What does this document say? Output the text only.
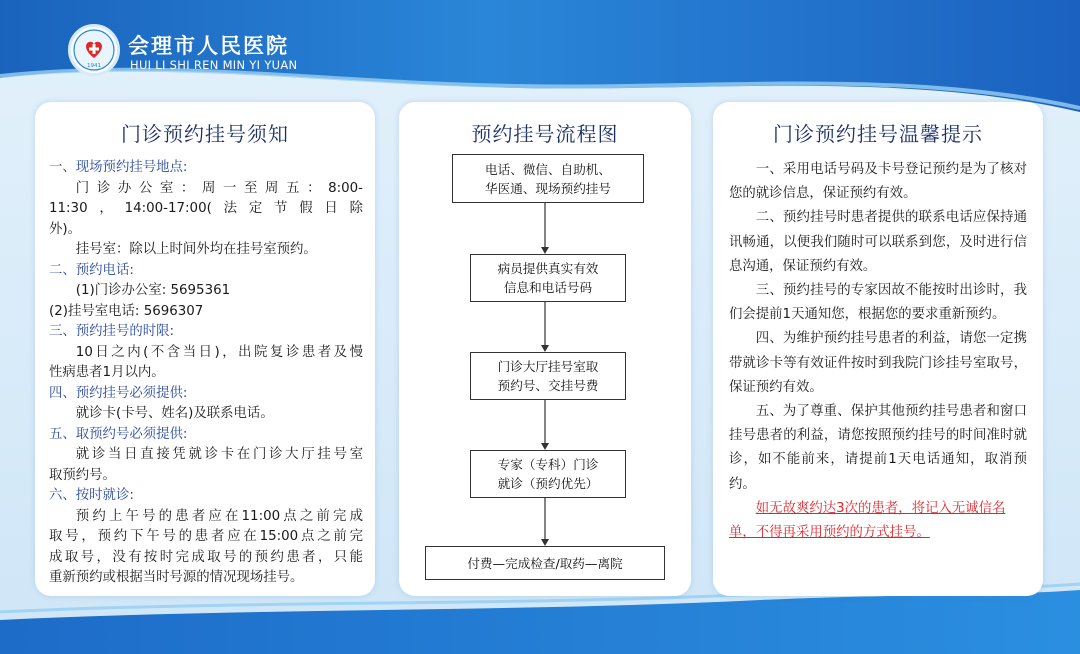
1941
会理市人民医院
HUI LI SHI REN MIN YI YUAN
门诊预约挂号须知
一、现场预约挂号地点:
门诊办公室：周一至周五：8:00-
11:30，14:00-17:00(法定节假日除
外)。
挂号室：除以上时间外均在挂号室预约。
二、预约电话:
(1)门诊办公室: 5695361
(2)挂号室电话: 5696307
三、预约挂号的时限:
10日之内(不含当日)，出院复诊患者及慢
性病患者1月以内。
四、预约挂号必须提供:
就诊卡(卡号、姓名)及联系电话。
五、取预约号必须提供:
就诊当日直接凭就诊卡在门诊大厅挂号室
取预约号。
六、按时就诊:
预约上午号的患者应在11:00点之前完成
取号，预约下午号的患者应在15:00点之前完
成取号，没有按时完成取号的预约患者，只能
重新预约或根据当时号源的情况现场挂号。
预约挂号流程图
电话、微信、自助机、
华医通、现场预约挂号
病员提供真实有效
信息和电话号码
门诊大厅挂号室取
预约号、交挂号费
专家（专科）门诊
就诊（预约优先）
付费—完成检查/取药—离院
门诊预约挂号温馨提示
一、采用电话号码及卡号登记预约是为了核对您的就诊信息，保证预约有效。
二、预约挂号时患者提供的联系电话应保持通讯畅通，以便我们随时可以联系到您，及时进行信息沟通，保证预约有效。
三、预约挂号的专家因故不能按时出诊时，我们会提前1天通知您，根据您的要求重新预约。
四、为维护预约挂号患者的利益，请您一定携带就诊卡等有效证件按时到我院门诊挂号室取号，保证预约有效。
五、为了尊重、保护其他预约挂号患者和窗口挂号患者的利益，请您按照预约挂号的时间准时就诊，如不能前来，请提前1天电话通知，取消预约。
如无故爽约达3次的患者，将记入无诚信名单，不得再采用预约的方式挂号。
